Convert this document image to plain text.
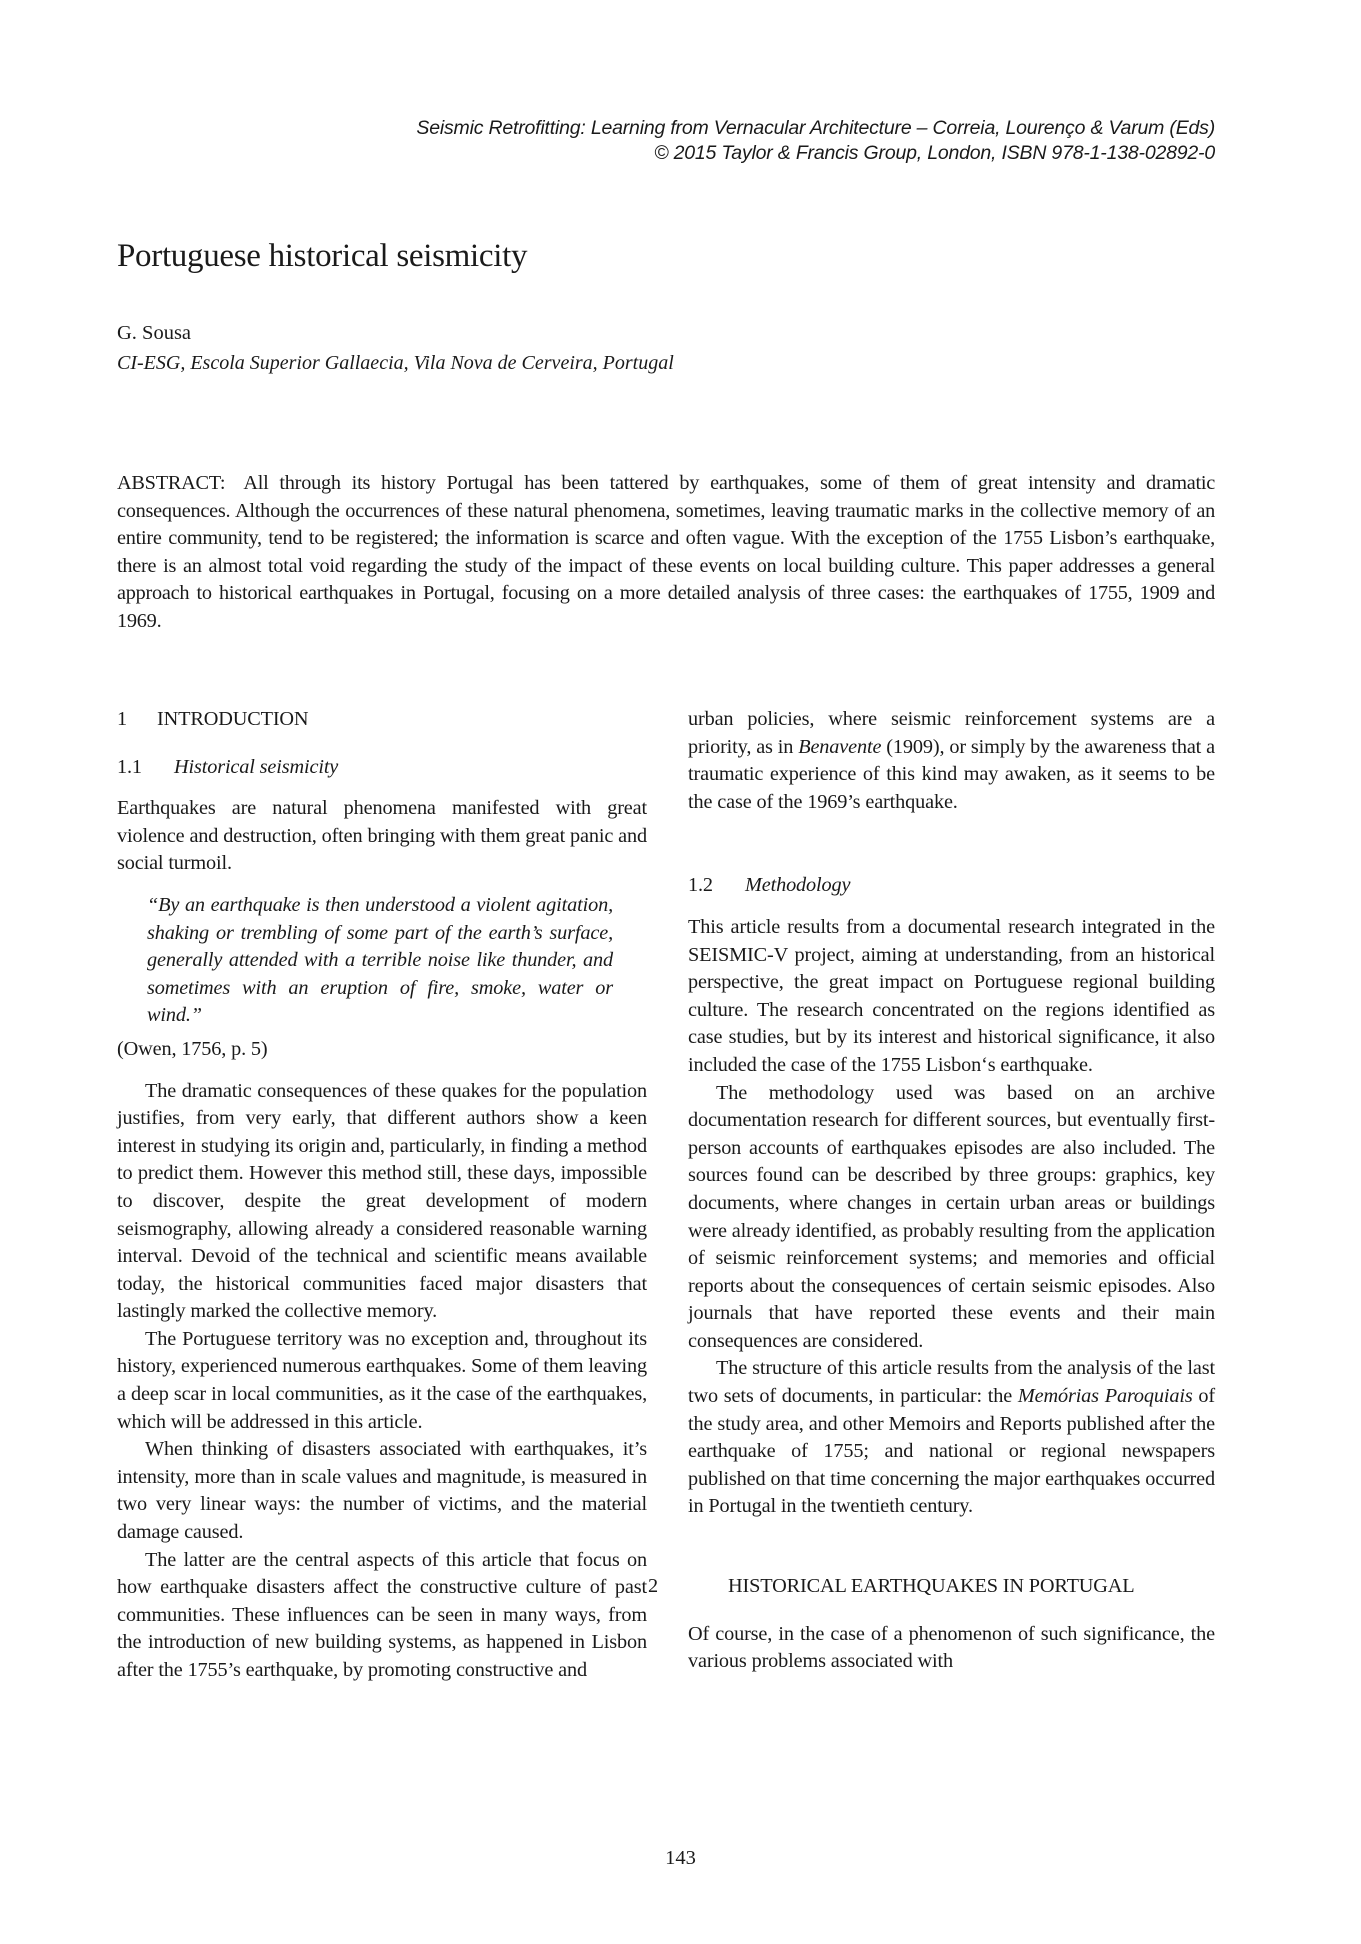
Seismic Retrofitting: Learning from Vernacular Architecture – Correia, Lourenço & Varum (Eds)
© 2015 Taylor & Francis Group, London, ISBN 978-1-138-02892-0
Portuguese historical seismicity
G. Sousa
CI-ESG, Escola Superior Gallaecia, Vila Nova de Cerveira, Portugal

ABSTRACT: All through its history Portugal has been tattered by earthquakes, some of them of great intensity and dramatic consequences. Although the occurrences of these natural phenomena, sometimes, leaving traumatic marks in the collective memory of an entire community, tend to be registered; the information is scarce and often vague. With the exception of the 1755 Lisbon’s earthquake, there is an almost total void regarding the study of the impact of these events on local building culture. This paper addresses a general approach to historical earthquakes in Portugal, focusing on a more detailed analysis of three cases: the earthquakes of 1755, 1909 and 1969.

1 INTRODUCTION
1.1 Historical seismicity

Earthquakes are natural phenomena manifested with great violence and destruction, often bringing with them great panic and social turmoil.

“By an earthquake is then understood a violent agitation, shaking or trembling of some part of the earth’s surface, generally attended with a terrible noise like thunder, and sometimes with an eruption of fire, smoke, water or wind.”

(Owen, 1756, p. 5)

The dramatic consequences of these quakes for the population justifies, from very early, that different authors show a keen interest in studying its origin and, particularly, in finding a method to predict them. However this method still, these days, impossible to discover, despite the great development of modern seismography, allowing already a considered reasonable warning interval. Devoid of the technical and scientific means available today, the historical communities faced major disasters that lastingly marked the collective memory.

The Portuguese territory was no exception and, throughout its history, experienced numerous earthquakes. Some of them leaving a deep scar in local communities, as it the case of the earthquakes, which will be addressed in this article.

When thinking of disasters associated with earthquakes, it’s intensity, more than in scale values and magnitude, is measured in two very linear ways: the number of victims, and the material damage caused.

The latter are the central aspects of this article that focus on how earthquake disasters affect the constructive culture of past communities. These influences can be seen in many ways, from the introduction of new building systems, as happened in Lisbon after the 1755’s earthquake, by promoting constructive and

urban policies, where seismic reinforcement systems are a priority, as in Benavente (1909), or simply by the awareness that a traumatic experience of this kind may awaken, as it seems to be the case of the 1969’s earthquake.

1.2 Methodology

This article results from a documental research integrated in the SEISMIC-V project, aiming at understanding, from an historical perspective, the great impact on Portuguese regional building culture. The research concentrated on the regions identified as case studies, but by its interest and historical significance, it also included the case of the 1755 Lisbon‘s earthquake.

The methodology used was based on an archive documentation research for different sources, but eventually first-person accounts of earthquakes episodes are also included. The sources found can be described by three groups: graphics, key documents, where changes in certain urban areas or buildings were already identified, as probably resulting from the application of seismic reinforcement systems; and memories and official reports about the consequences of certain seismic episodes. Also journals that have reported these events and their main consequences are considered.

The structure of this article results from the analysis of the last two sets of documents, in particular: the Memórias Paroquiais of the study area, and other Memoirs and Reports published after the earthquake of 1755; and national or regional newspapers published on that time concerning the major earthquakes occurred in Portugal in the twentieth century.

2	HISTORICAL EARTHQUAKES IN PORTUGAL

Of course, in the case of a phenomenon of such significance, the various problems associated with

143
